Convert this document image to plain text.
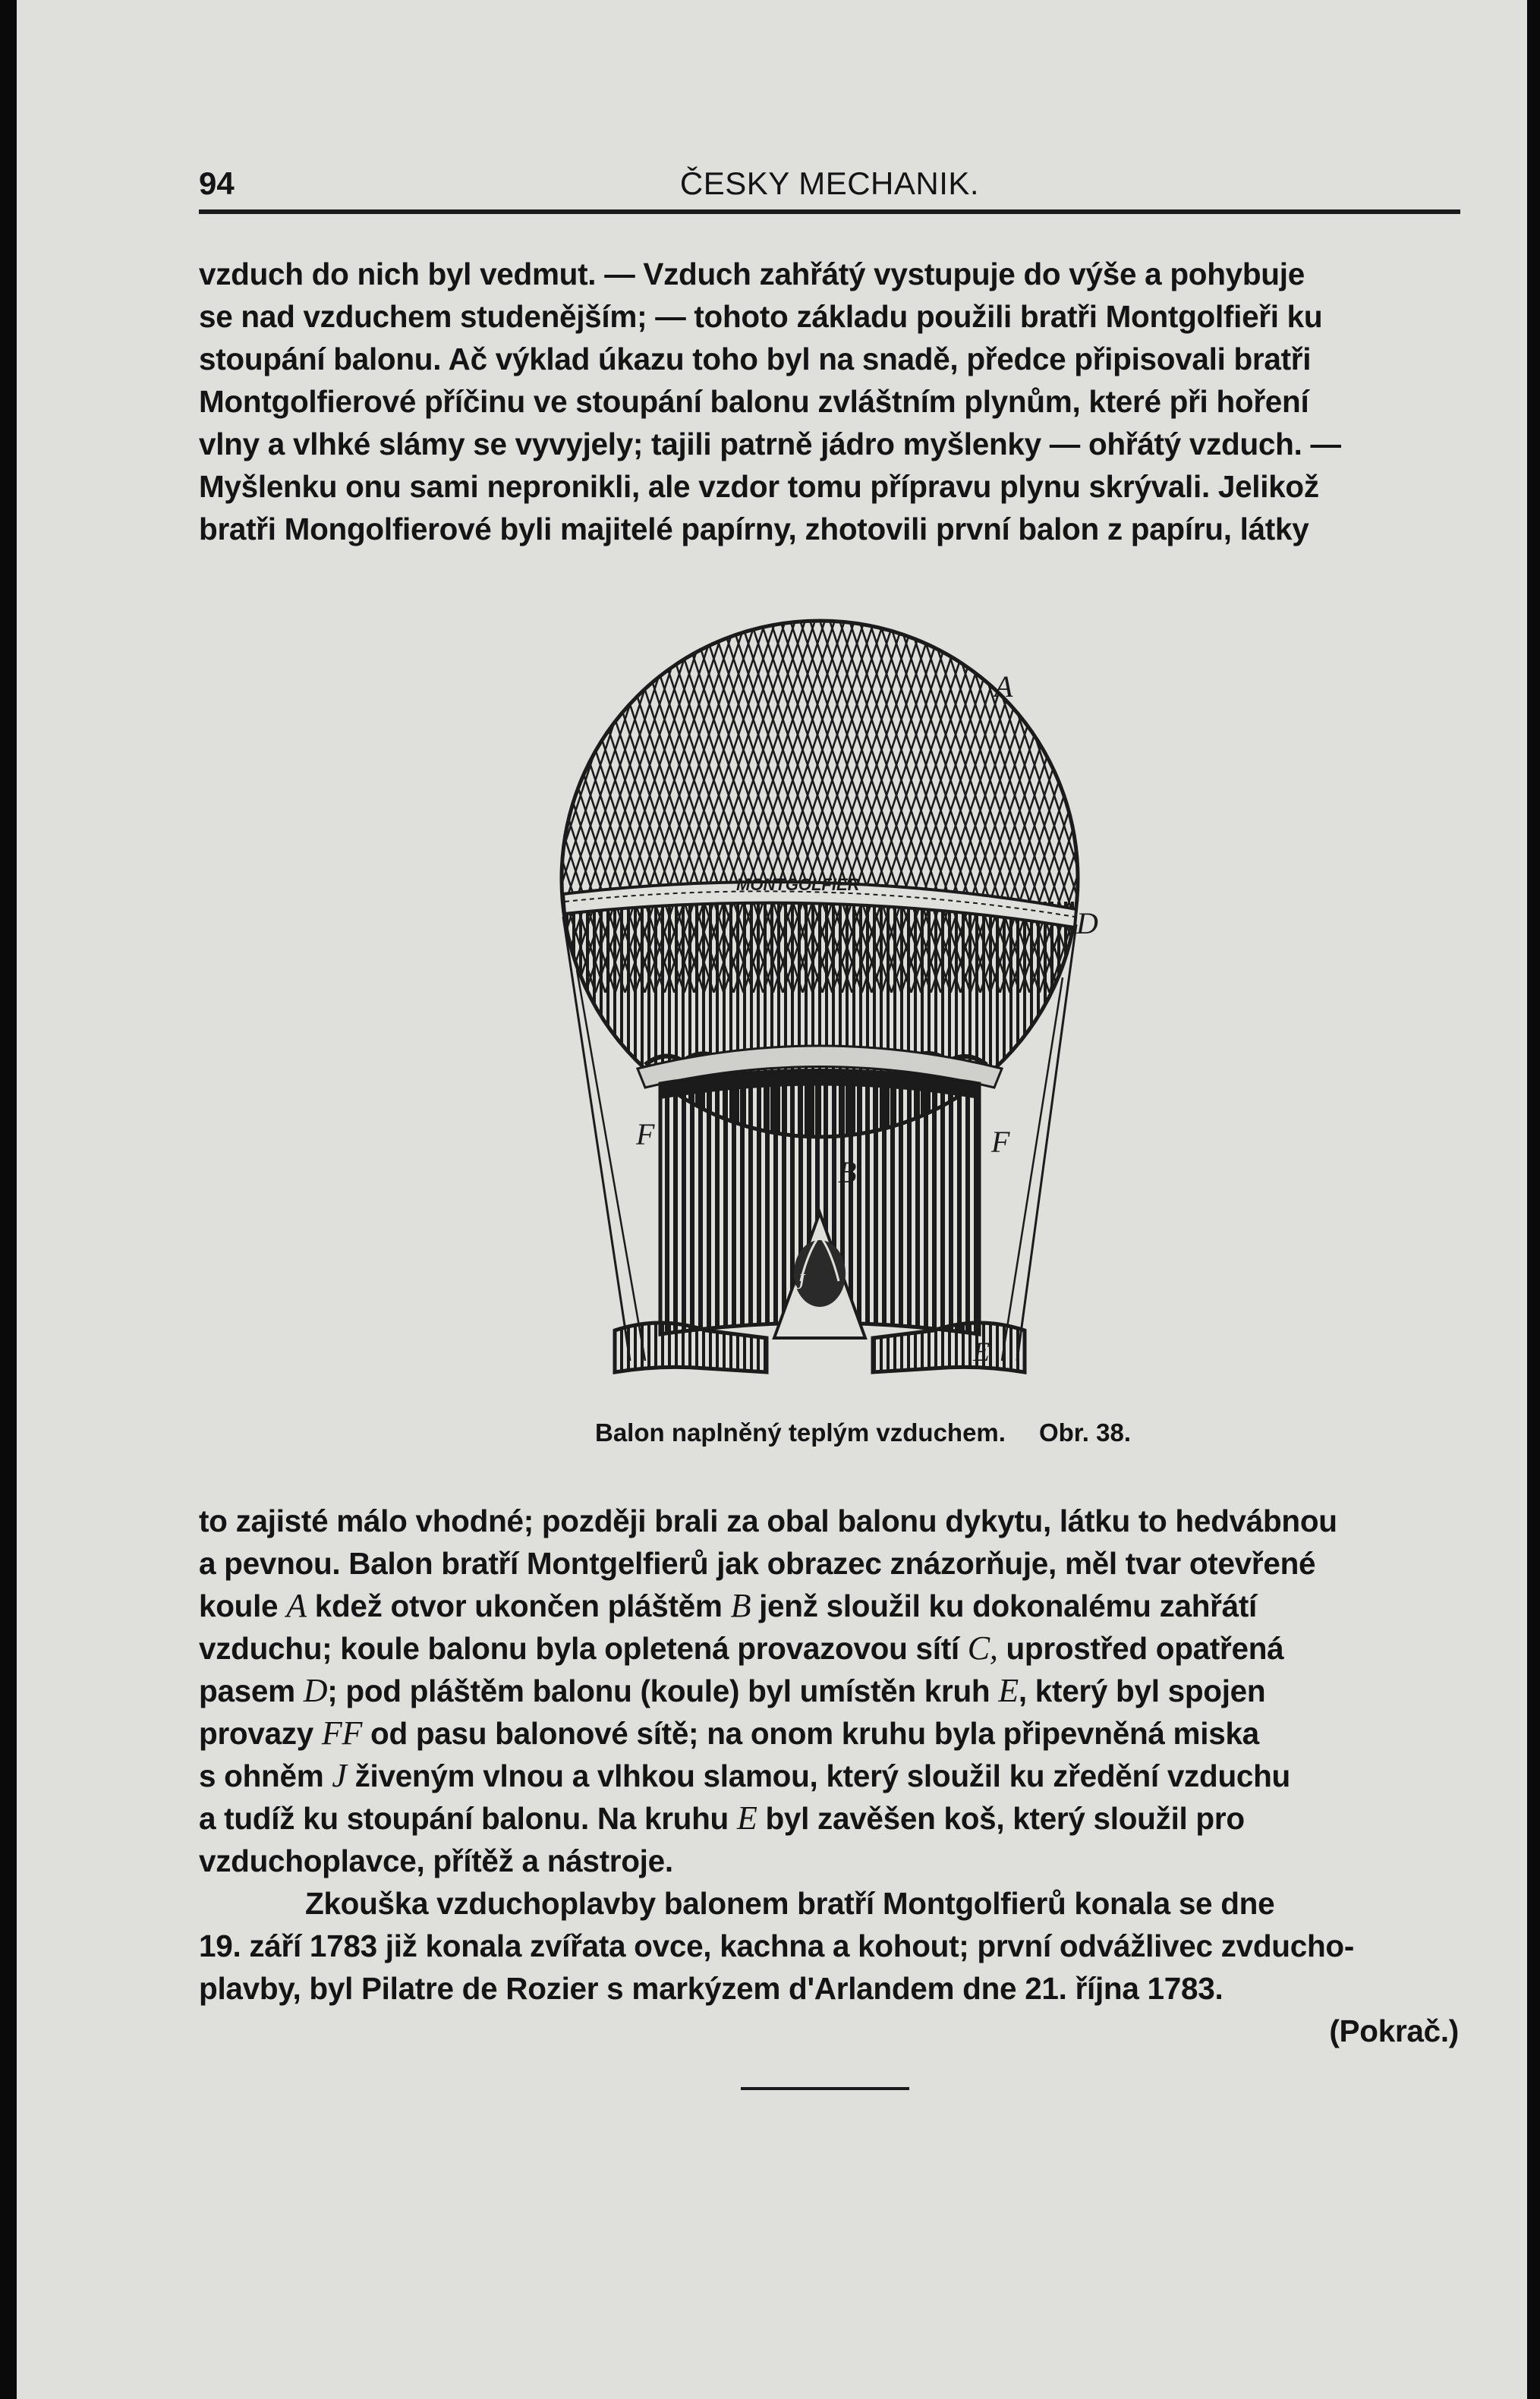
94	ČESKY MECHANIK.

vzduch do nich byl vedmut. — Vzduch zahřátý vystupuje do výše a pohybuje

se nad vzduchem studenějším; — tohoto základu použili bratři Montgolfieři ku

stoupání balonu. Ač výklad úkazu toho byl na snadě, předce připisovali bratři

Montgolfierové příčinu ve stoupání balonu zvláštním plynům, které při hoření

vlny a vlhké slámy se vyvyjely; tajili patrně jádro myšlenky — ohřátý vzduch. —

Myšlenku onu sami nepronikli, ale vzdor tomu přípravu plynu skrývali. Jelikož

bratři Mongolfierové byli majitelé papírny, zhotovili první balon z papíru, látky

MONTGOLFIER
A
D
F	F
B
J
E
Balon naplněný teplým vzduchem. Obr. 38.

to zajisté málo vhodné; později brali za obal balonu dykytu, látku to hedvábnou

a pevnou. Balon bratří Montgelfierů jak obrazec znázorňuje, měl tvar otevřené

koule A kdež otvor ukončen pláštěm B jenž sloužil ku dokonalému zahřátí

vzduchu; koule balonu byla opletená provazovou sítí C, uprostřed opatřená

pasem D; pod pláštěm balonu (koule) byl umístěn kruh E, který byl spojen

provazy FF od pasu balonové sítě; na onom kruhu byla připevněná miska

s ohněm J živeným vlnou a vlhkou slamou, který sloužil ku zředění vzduchu

a tudíž ku stoupání balonu. Na kruhu E byl zavěšen koš, který sloužil pro

vzduchoplavce, přítěž a nástroje.

Zkouška vzduchoplavby balonem bratří Montgolfierů konala se dne

19. září 1783 již konala zvířata ovce, kachna a kohout; první odvážlivec zvducho-

plavby, byl Pilatre de Rozier s markýzem d'Arlandem dne 21. října 1783.

(Pokrač.)
